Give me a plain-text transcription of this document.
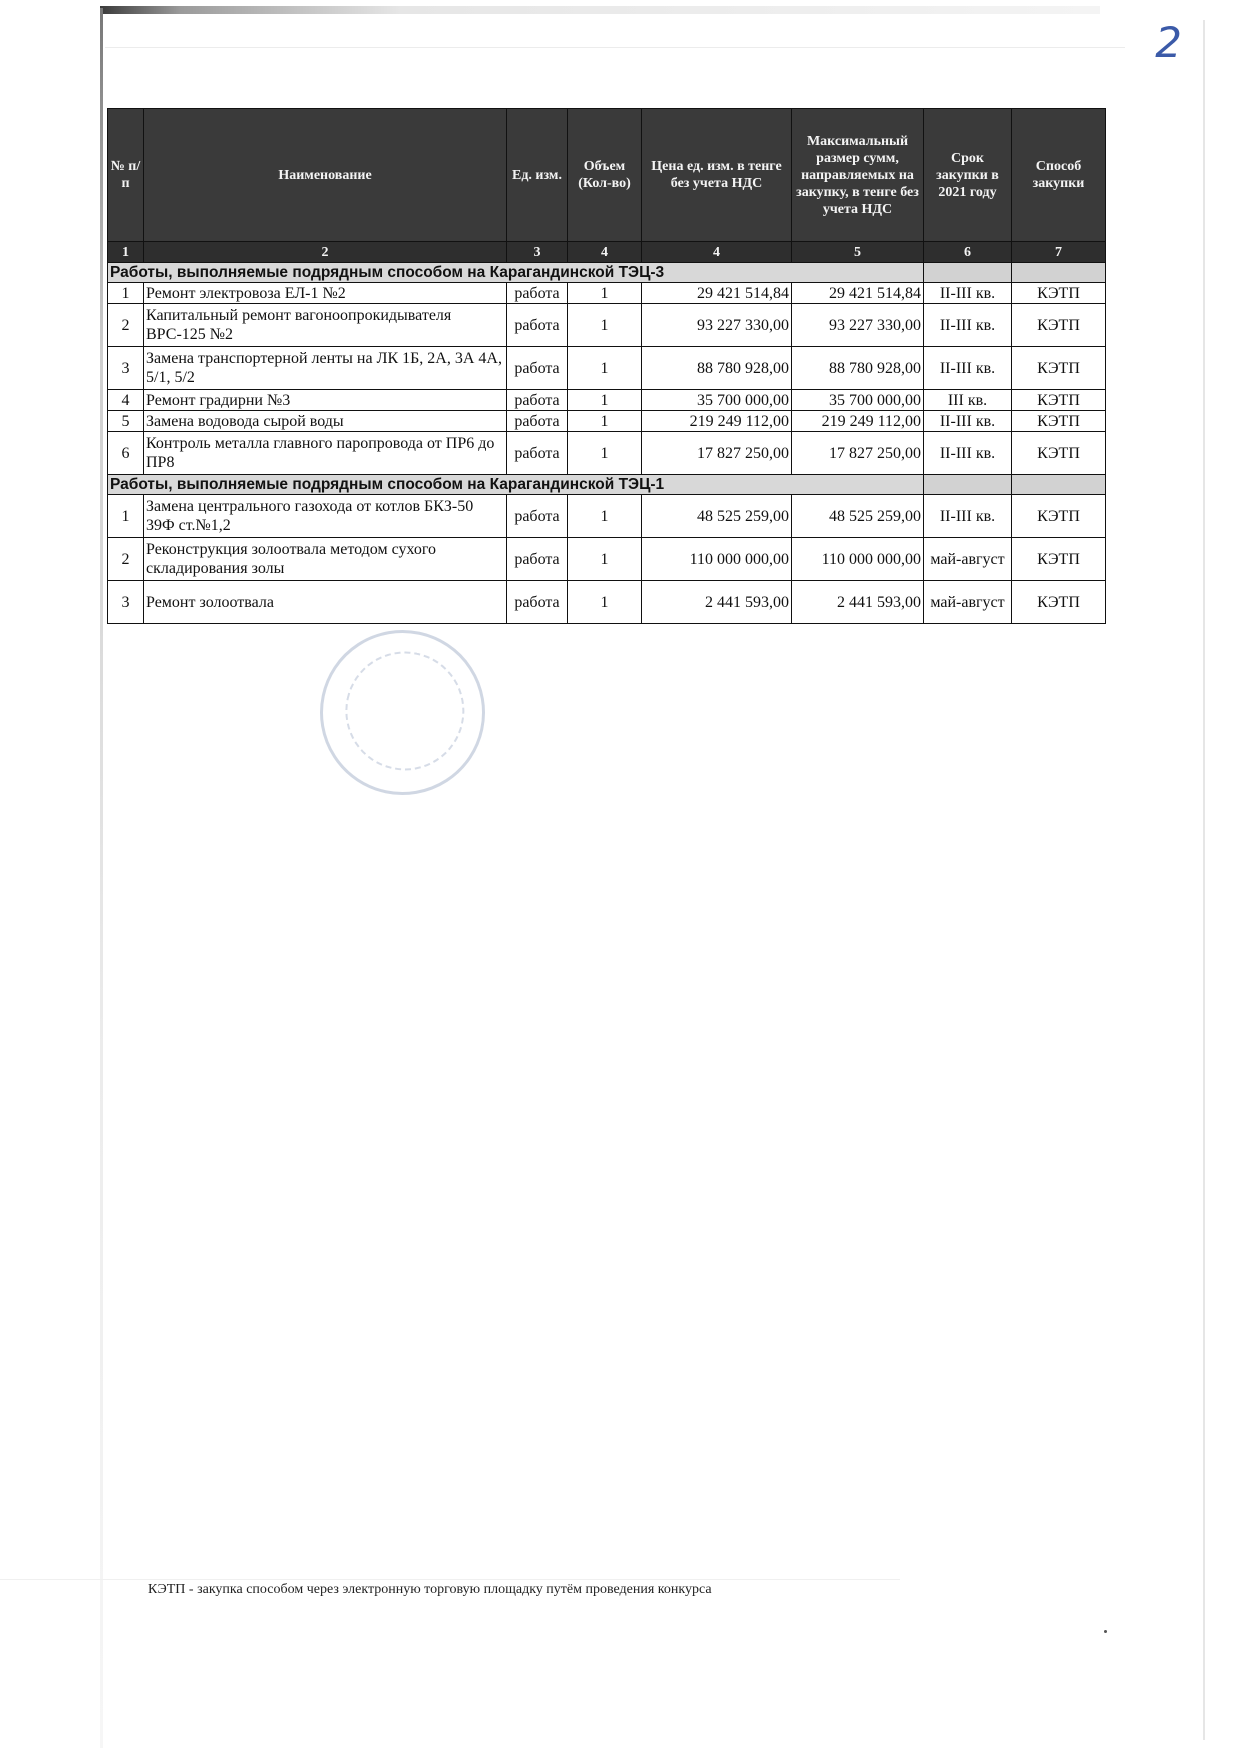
2
№ п/п	Наименование	Ед. изм.	Объем (Кол-во)	Цена ед. изм. в тенге без учета НДС	Максимальный размер сумм, направляемых на закупку, в тенге без учета НДС	Срок закупки в 2021 году	Способ закупки
1	2	3	4	4	5	6	7
Работы, выполняемые подрядным способом на Карагандинской ТЭЦ-3							
1	Ремонт электровоза ЕЛ-1 №2	работа	1	29 421 514,84	29 421 514,84	II-III кв.	КЭТП
2	Капитальный ремонт вагоноопрокидывателя ВРС-125 №2	работа	1	93 227 330,00	93 227 330,00	II-III кв.	КЭТП
3	Замена транспортерной ленты на ЛК 1Б, 2А, 3А 4А, 5/1, 5/2	работа	1	88 780 928,00	88 780 928,00	II-III кв.	КЭТП
4	Ремонт градирни №3	работа	1	35 700 000,00	35 700 000,00	III кв.	КЭТП
5	Замена водовода сырой воды	работа	1	219 249 112,00	219 249 112,00	II-III кв.	КЭТП
6	Контроль металла главного паропровода от ПР6 до ПР8	работа	1	17 827 250,00	17 827 250,00	II-III кв.	КЭТП
Работы, выполняемые подрядным способом на Карагандинской ТЭЦ-1							
1	Замена центрального газохода от котлов БКЗ-50 39Ф ст.№1,2	работа	1	48 525 259,00	48 525 259,00	II-III кв.	КЭТП
2	Реконструкция золоотвала методом сухого складирования золы	работа	1	110 000 000,00	110 000 000,00	май-август	КЭТП
3	Ремонт золоотвала	работа	1	2 441 593,00	2 441 593,00	май-август	КЭТП
КЭТП - закупка способом через электронную торговую площадку путём проведения конкурса
